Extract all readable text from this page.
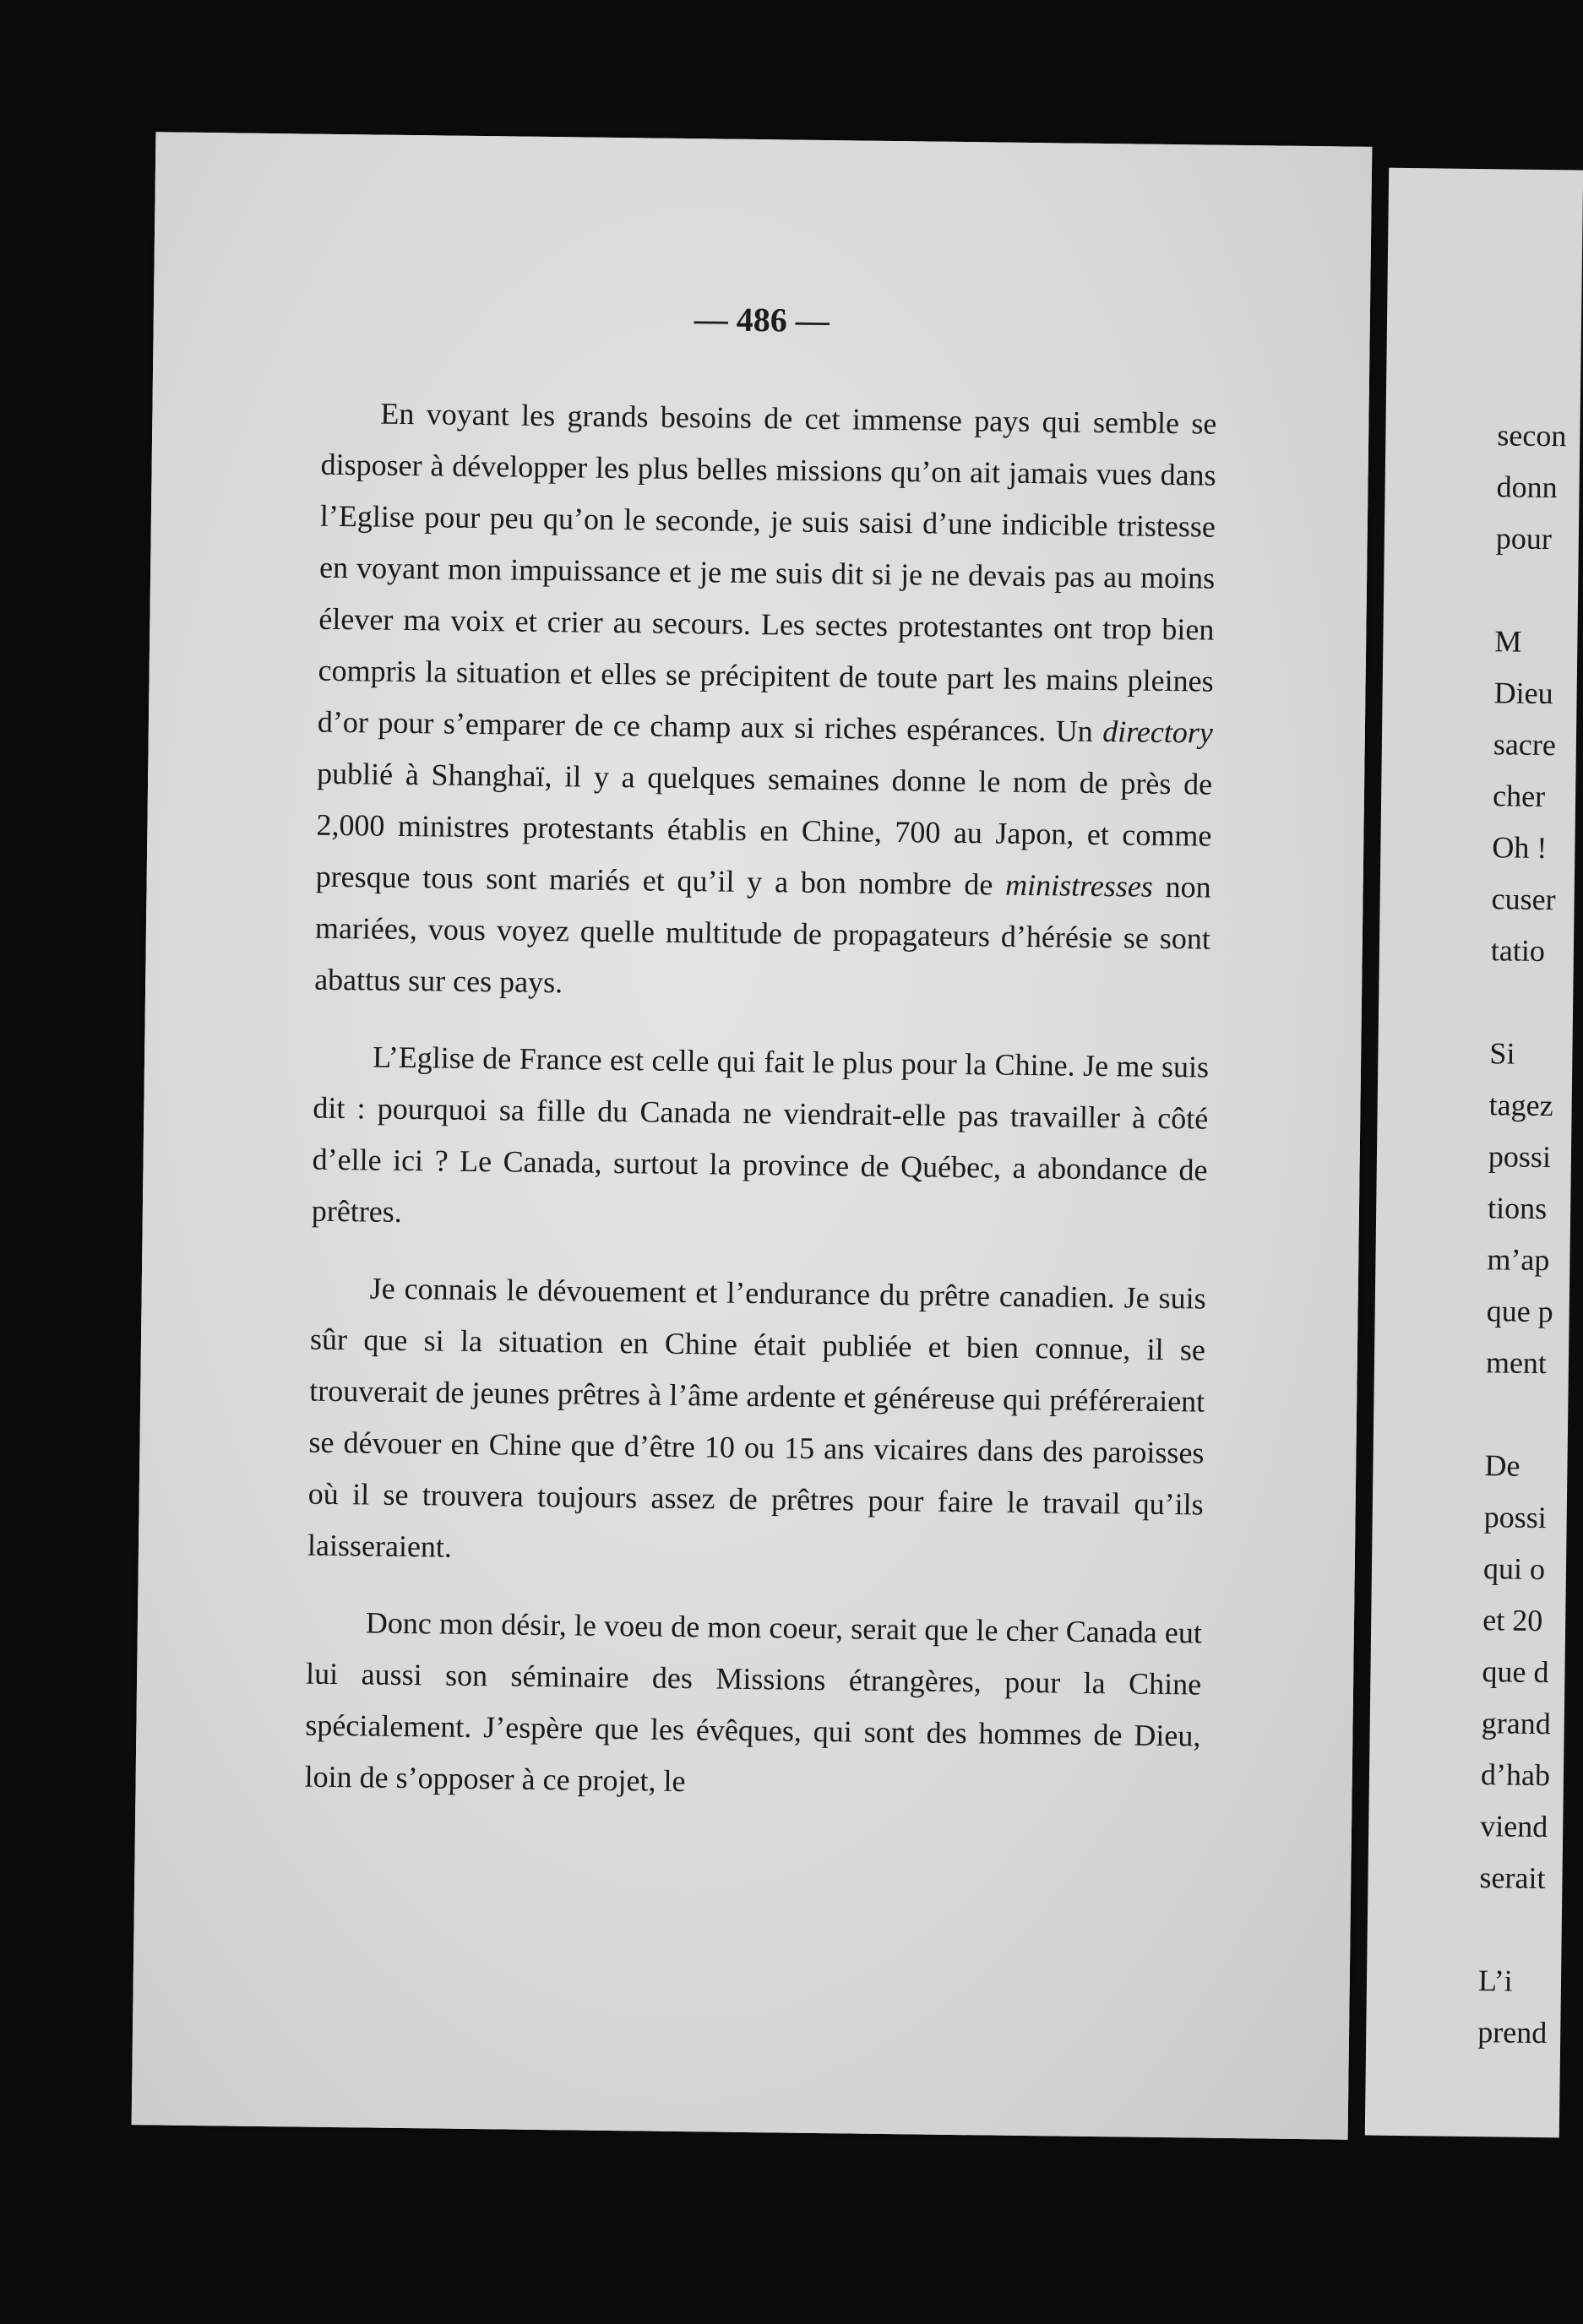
— 486 —

En voyant les grands besoins de cet immense pays qui semble se disposer à développer les plus belles missions qu’on ait jamais vues dans l’Eglise pour peu qu’on le seconde, je suis saisi d’une indicible tristesse en voyant mon impuissance et je me suis dit si je ne devais pas au moins élever ma voix et crier au secours. Les sectes protestantes ont trop bien compris la situation et elles se précipitent de toute part les mains pleines d’or pour s’emparer de ce champ aux si riches espérances. Un directory publié à Shanghaï, il y a quelques semaines donne le nom de près de 2,000 ministres protestants établis en Chine, 700 au Japon, et comme presque tous sont mariés et qu’il y a bon nombre de ministresses non mariées, vous voyez quelle multitude de propagateurs d’hérésie se sont abattus sur ces pays.

L’Eglise de France est celle qui fait le plus pour la Chine. Je me suis dit : pourquoi sa fille du Canada ne viendrait-elle pas travailler à côté d’elle ici ? Le Canada, surtout la province de Québec, a abondance de prêtres.

Je connais le dévouement et l’endurance du prêtre canadien. Je suis sûr que si la situation en Chine était publiée et bien connue, il se trouverait de jeunes prêtres à l’âme ardente et généreuse qui préféreraient se dévouer en Chine que d’être 10 ou 15 ans vicaires dans des paroisses où il se trouvera toujours assez de prêtres pour faire le travail qu’ils laisseraient.

Donc mon désir, le voeu de mon coeur, serait que le cher Canada eut lui aussi son séminaire des Missions étrangères, pour la Chine spécialement. J’espère que les évêques, qui sont des hommes de Dieu, loin de s’opposer à ce projet, le

secon
donn
pour
M
Dieu
sacre
cher
Oh !
cuser
tatio
Si
tagez
possi
tions
m’ap
que p
ment
De
possi
qui o
et 20
que d
grand
d’hab
viend
serait
L’i
prend
